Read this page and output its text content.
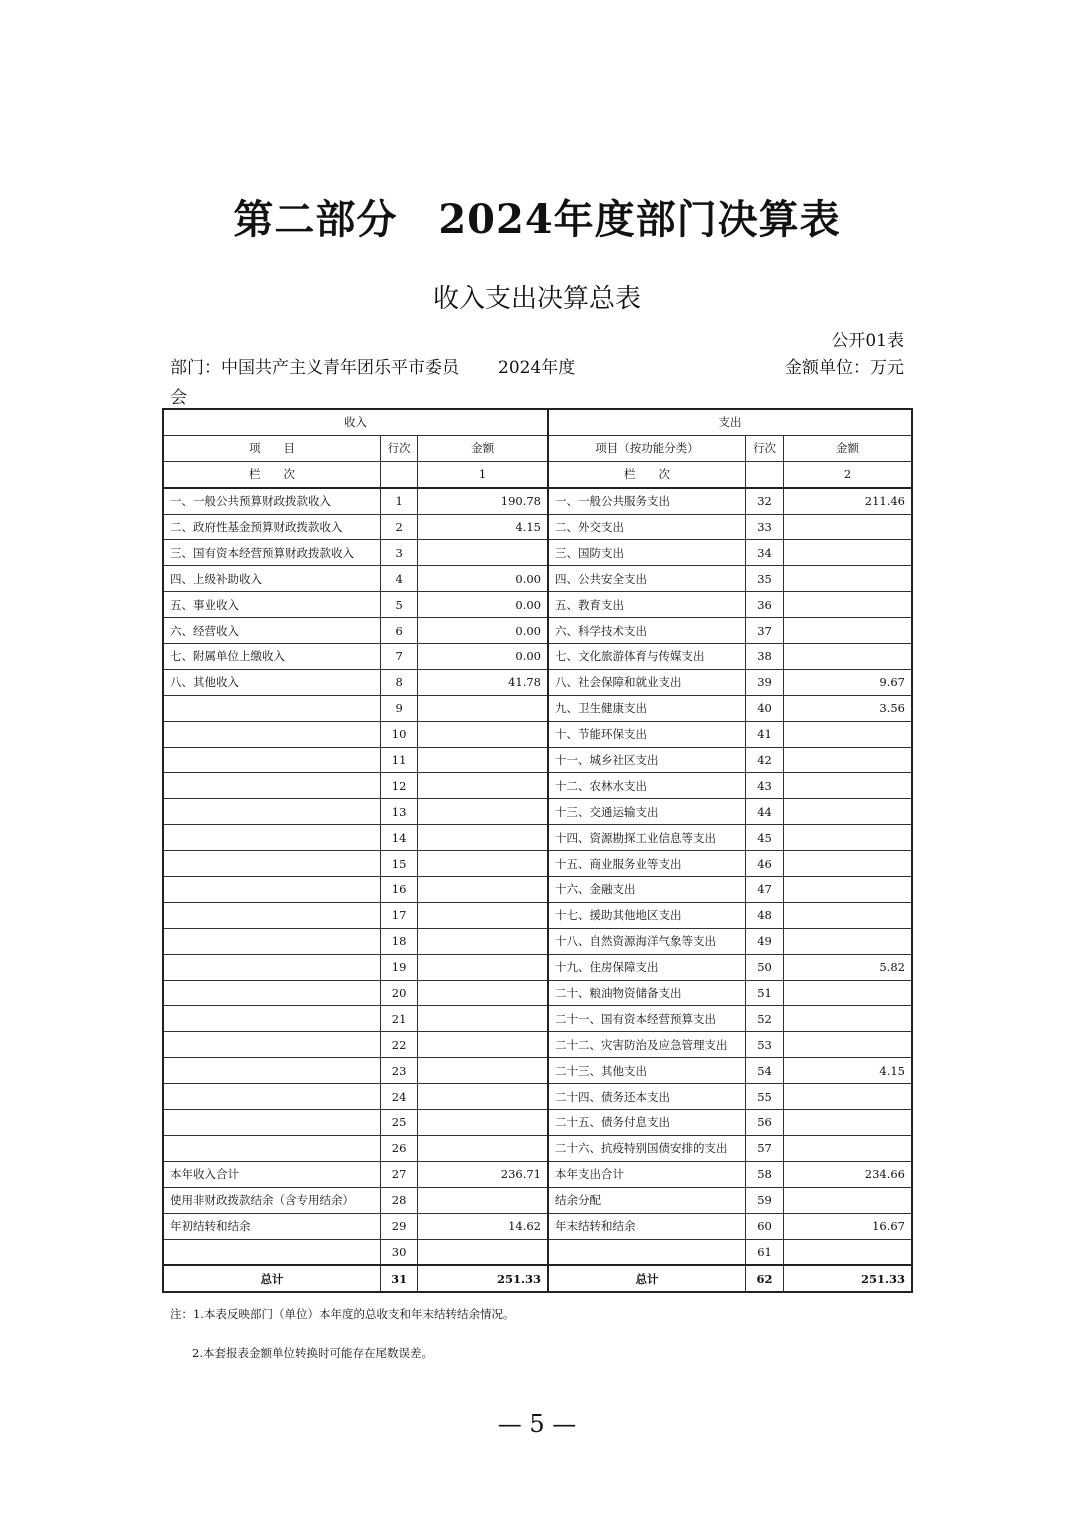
第二部分　2024年度部门决算表
收入支出决算总表
公开01表
部门：中国共产主义青年团乐平市委员会
2024年度	金额单位：万元
收入			支出		
项　　目	行次	金额	项目（按功能分类）	行次	金额
栏　　次		1	栏　　次		2
一、一般公共预算财政拨款收入	1	190.78	一、一般公共服务支出	32	211.46
二、政府性基金预算财政拨款收入	2	4.15	二、外交支出	33	
三、国有资本经营预算财政拨款收入	3		三、国防支出	34	
四、上级补助收入	4	0.00	四、公共安全支出	35	
五、事业收入	5	0.00	五、教育支出	36	
六、经营收入	6	0.00	六、科学技术支出	37	
七、附属单位上缴收入	7	0.00	七、文化旅游体育与传媒支出	38	
八、其他收入	8	41.78	八、社会保障和就业支出	39	9.67
	9		九、卫生健康支出	40	3.56
	10		十、节能环保支出	41	
	11		十一、城乡社区支出	42	
	12		十二、农林水支出	43	
	13		十三、交通运输支出	44	
	14		十四、资源勘探工业信息等支出	45	
	15		十五、商业服务业等支出	46	
	16		十六、金融支出	47	
	17		十七、援助其他地区支出	48	
	18		十八、自然资源海洋气象等支出	49	
	19		十九、住房保障支出	50	5.82
	20		二十、粮油物资储备支出	51	
	21		二十一、国有资本经营预算支出	52	
	22		二十二、灾害防治及应急管理支出	53	
	23		二十三、其他支出	54	4.15
	24		二十四、债务还本支出	55	
	25		二十五、债务付息支出	56	
	26		二十六、抗疫特别国债安排的支出	57	
本年收入合计	27	236.71	本年支出合计	58	234.66
使用非财政拨款结余（含专用结余）	28		结余分配	59	
年初结转和结余	29	14.62	年末结转和结余	60	16.67
	30			61	
总计	31	251.33	总计	62	251.33
注：1.本表反映部门（单位）本年度的总收支和年末结转结余情况。
2.本套报表金额单位转换时可能存在尾数误差。
— 5 —
